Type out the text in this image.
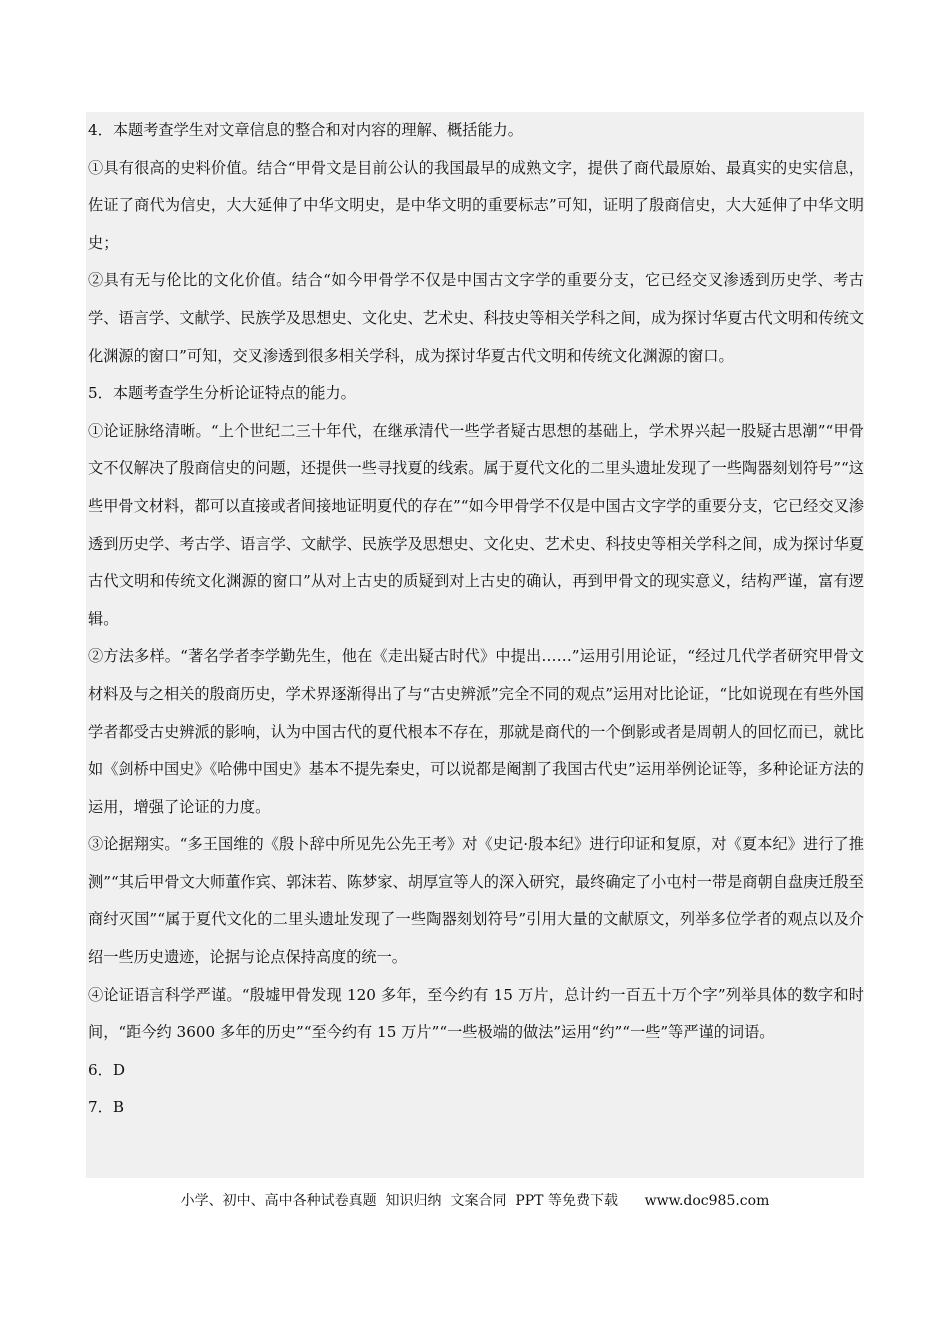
4．本题考查学生对文章信息的整合和对内容的理解、概括能力。

①具有很高的史料价值。结合“甲骨文是目前公认的我国最早的成熟文字，提供了商代最原始、最真实的史实信息，佐证了商代为信史，大大延伸了中华文明史，是中华文明的重要标志”可知，证明了殷商信史，大大延伸了中华文明史；

②具有无与伦比的文化价值。结合“如今甲骨学不仅是中国古文字学的重要分支，它已经交叉渗透到历史学、考古学、语言学、文献学、民族学及思想史、文化史、艺术史、科技史等相关学科之间，成为探讨华夏古代文明和传统文化渊源的窗口”可知，交叉渗透到很多相关学科，成为探讨华夏古代文明和传统文化渊源的窗口。

5．本题考查学生分析论证特点的能力。

①论证脉络清晰。“上个世纪二三十年代，在继承清代一些学者疑古思想的基础上，学术界兴起一股疑古思潮”“甲骨文不仅解决了殷商信史的问题，还提供一些寻找夏的线索。属于夏代文化的二里头遗址发现了一些陶器刻划符号”“这些甲骨文材料，都可以直接或者间接地证明夏代的存在”“如今甲骨学不仅是中国古文字学的重要分支，它已经交叉渗透到历史学、考古学、语言学、文献学、民族学及思想史、文化史、艺术史、科技史等相关学科之间，成为探讨华夏古代文明和传统文化渊源的窗口”从对上古史的质疑到对上古史的确认，再到甲骨文的现实意义，结构严谨，富有逻辑。

②方法多样。“著名学者李学勤先生，他在《走出疑古时代》中提出……”运用引用论证，“经过几代学者研究甲骨文材料及与之相关的殷商历史，学术界逐渐得出了与“古史辨派”完全不同的观点”运用对比论证，“比如说现在有些外国学者都受古史辨派的影响，认为中国古代的夏代根本不存在，那就是商代的一个倒影或者是周朝人的回忆而已，就比如《剑桥中国史》《哈佛中国史》基本不提先秦史，可以说都是阉割了我国古代史”运用举例论证等，多种论证方法的运用，增强了论证的力度。

③论据翔实。“多王国维的《殷卜辞中所见先公先王考》对《史记·殷本纪》进行印证和复原，对《夏本纪》进行了推测”“其后甲骨文大师董作宾、郭沫若、陈梦家、胡厚宣等人的深入研究，最终确定了小屯村一带是商朝自盘庚迁殷至商纣灭国”“属于夏代文化的二里头遗址发现了一些陶器刻划符号”引用大量的文献原文，列举多位学者的观点以及介绍一些历史遗迹，论据与论点保持高度的统一。

④论证语言科学严谨。“殷墟甲骨发现 120 多年，至今约有 15 万片，总计约一百五十万个字”列举具体的数字和时间，“距今约 3600 多年的历史”“至今约有 15 万片”“一些极端的做法”运用“约”“一些”等严谨的词语。

6．D

7．B

小学、初中、高中各种试卷真题  知识归纳  文案合同  PPT 等免费下载      www.doc985.com
